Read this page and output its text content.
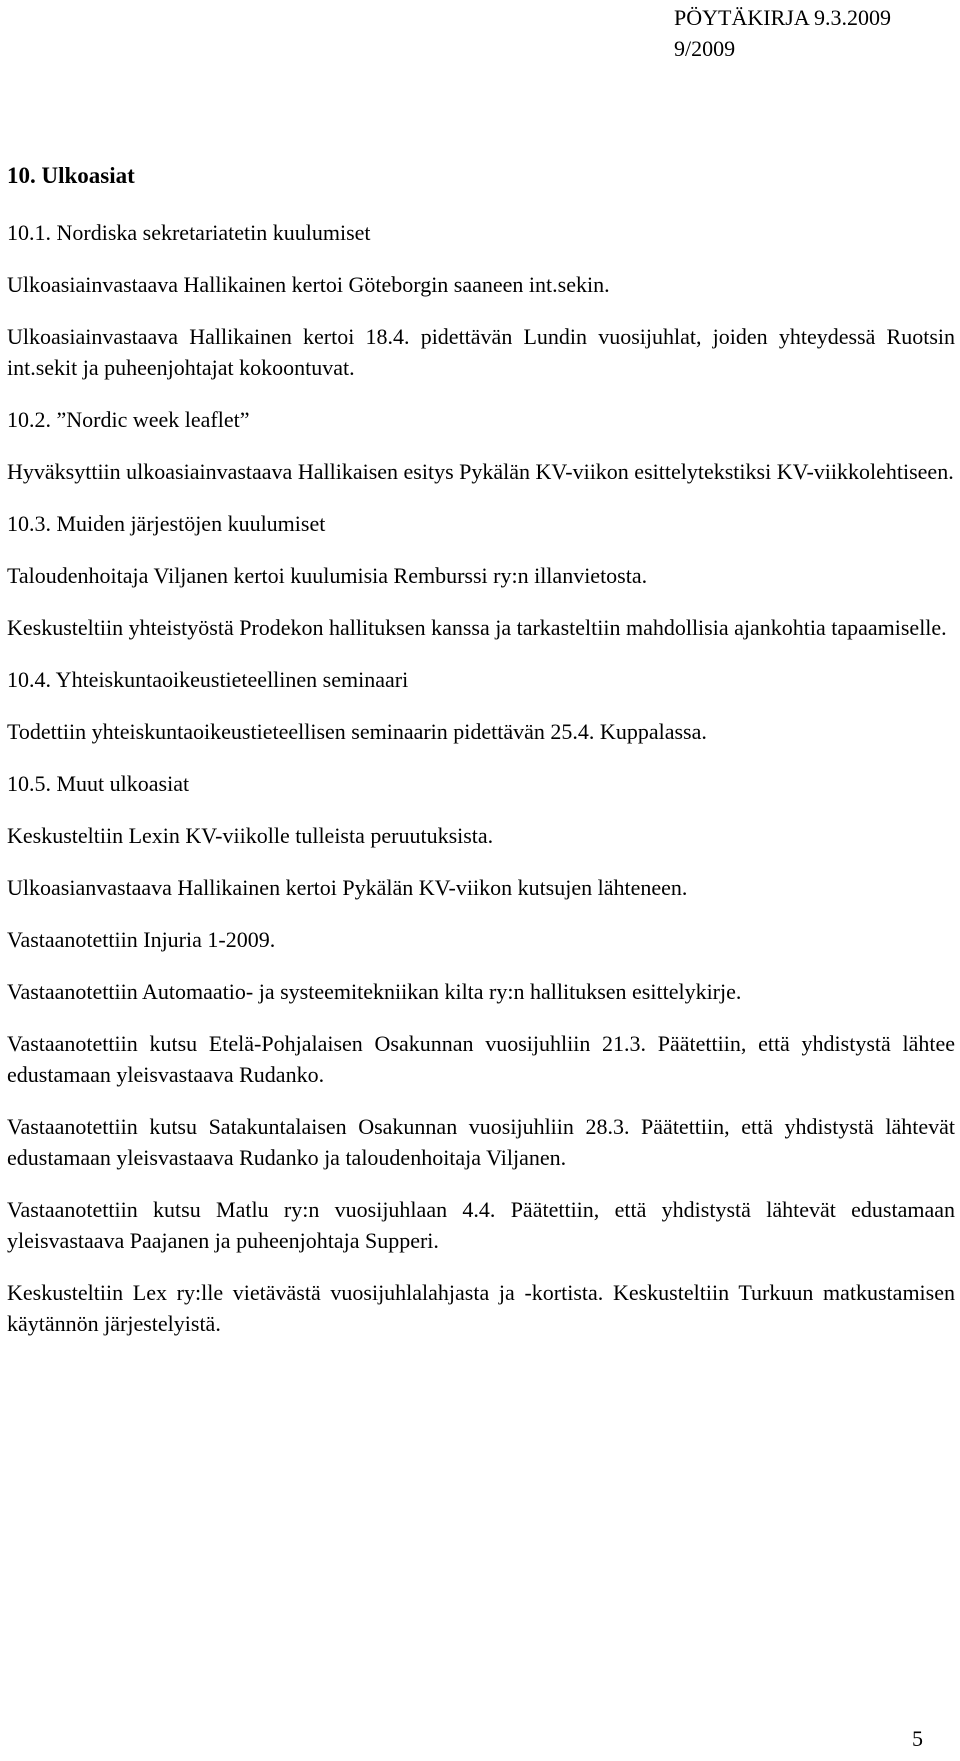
PÖYTÄKIRJA 9.3.2009
9/2009
10. Ulkoasiat
10.1. Nordiska sekretariatetin kuulumiset

Ulkoasiainvastaava Hallikainen kertoi Göteborgin saaneen int.sekin.

Ulkoasiainvastaava Hallikainen kertoi 18.4. pidettävän Lundin vuosijuhlat, joiden yhteydessä Ruotsin int.sekit ja puheenjohtajat kokoontuvat.

10.2. ”Nordic week leaflet”

Hyväksyttiin ulkoasiainvastaava Hallikaisen esitys Pykälän KV-viikon esittelytekstiksi KV-viikkolehtiseen.

10.3. Muiden järjestöjen kuulumiset

Taloudenhoitaja Viljanen kertoi kuulumisia Remburssi ry:n illanvietosta.

Keskusteltiin yhteistyöstä Prodekon hallituksen kanssa ja tarkasteltiin mahdollisia ajankohtia tapaamiselle.

10.4. Yhteiskuntaoikeustieteellinen seminaari

Todettiin yhteiskuntaoikeustieteellisen seminaarin pidettävän 25.4. Kuppalassa.

10.5. Muut ulkoasiat

Keskusteltiin Lexin KV-viikolle tulleista peruutuksista.

Ulkoasianvastaava Hallikainen kertoi Pykälän KV-viikon kutsujen lähteneen.

Vastaanotettiin Injuria 1-2009.

Vastaanotettiin Automaatio- ja systeemitekniikan kilta ry:n hallituksen esittelykirje.

Vastaanotettiin kutsu Etelä-Pohjalaisen Osakunnan vuosijuhliin 21.3. Päätettiin, että yhdistystä lähtee edustamaan yleisvastaava Rudanko.

Vastaanotettiin kutsu Satakuntalaisen Osakunnan vuosijuhliin 28.3. Päätettiin, että yhdistystä lähtevät edustamaan yleisvastaava Rudanko ja taloudenhoitaja Viljanen.

Vastaanotettiin kutsu Matlu ry:n vuosijuhlaan 4.4. Päätettiin, että yhdistystä lähtevät edustamaan yleisvastaava Paajanen ja puheenjohtaja Supperi.

Keskusteltiin Lex ry:lle vietävästä vuosijuhlalahjasta ja -kortista. Keskusteltiin Turkuun matkustamisen käytännön järjestelyistä.

5
